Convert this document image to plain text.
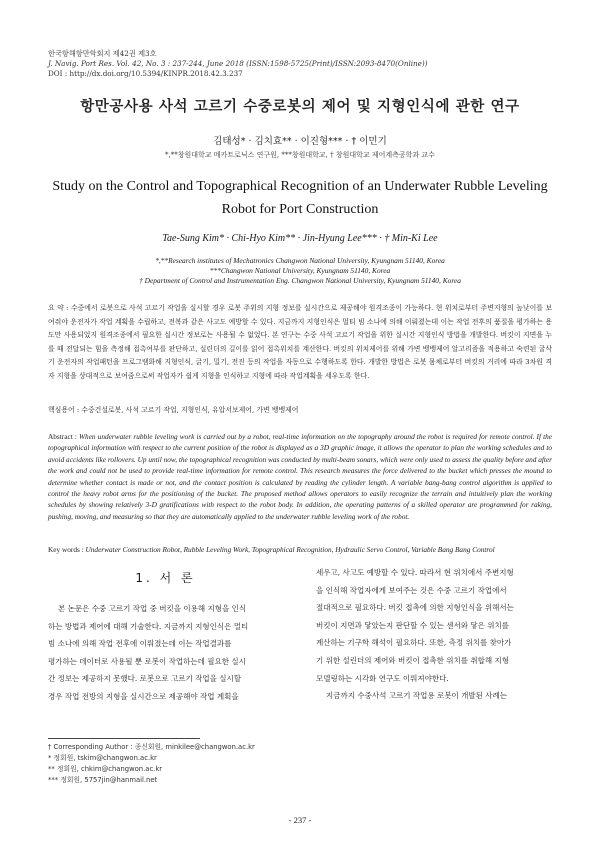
한국항해항만학회지 제42권 제3호
J. Navig. Port Res. Vol. 42, No. 3 : 237-244, June 2018 (ISSN:1598-5725(Print)/ISSN:2093-8470(Online))
DOI : http://dx.doi.org/10.5394/KINPR.2018.42.3.237
항만공사용 사석 고르기 수중로봇의 제어 및 지형인식에 관한 연구
김태성* · 김치효** · 이진형*** · † 이민기
*,**창원대학교 메카트로닉스 연구원, ***창원대학교, † 창원대학교 제어계측공학과 교수
Study on the Control and Topographical Recognition of an Underwater Rubble Leveling
Robot for Port Construction
Tae-Sung Kim* · Chi-Hyo Kim** · Jin-Hyung Lee*** · † Min-Ki Lee
*,**Research institutes of Mechatronics Changwon National University, Kyungnam 51140, Korea
***Changwon National University, Kyungnam 51140, Korea
† Department of Control and Instrumentation Eng. Changwon National University, Kyungnam 51140, Korea
요 약 : 수중에서 로봇으로 사석 고르기 작업을 실시할 경우 로봇 주위의 지형 정보를 실시간으로 제공해야 원격조종이 가능하다. 현 위치로부터 주변지형의 높낮이를 보여줘야 운전자가 작업 계획을 수립하고, 전복과 같은 사고도 예방할 수 있다. 지금까지 지형인식은 멀티 빔 소나에 의해 이뤄졌는데 이는 작업 전후의 품질을 평가하는 용도만 사용되었지 원격조종에서 필요한 실시간 정보로는 사용될 수 없었다. 본 연구는 수중 사석 고르기 작업을 위한 실시간 지형인식 방법을 개발한다. 버킷이 지면을 누를 때 전달되는 힘을 측정해 접촉여부를 판단하고, 실린더의 길이를 읽어 접촉위치를 계산한다. 버킷의 위치제어를 위해 가변 뱅뱅제어 알고리즘을 적용하고 숙련된 굴삭기 운전자의 작업패턴을 프로그램화해 지형인식, 긁기, 밀기, 전진 등의 작업을 자동으로 수행하도록 한다. 개발한 방법은 로봇 몸체로부터 버킷의 거리에 따라 3차원 격자 지형을 상대적으로 보여줌으로써 작업자가 쉽게 지형을 인식하고 지형에 따라 작업계획을 세우도록 한다.
핵심용어 : 수중건설로봇, 사석 고르기 작업, 지형인식, 유압서보제어, 가변 뱅뱅제어
Abstract : When underwater rubble leveling work is carried out by a robot, real-time information on the topography around the robot is required for remote control. If the topographical information with respect to the current position of the robot is displayed as a 3D graphic image, it allows the operator to plan the working schedules and to avoid accidents like rollovers. Up until now, the topographical recognition was conducted by multi-beam sonars, which were only used to assess the quality before and after the work and could not be used to provide real-time information for remote control. This research measures the force delivered to the bucket which presses the mound to determine whether contact is made or not, and the contact position is calculated by reading the cylinder length. A variable bang-bang control algorithm is applied to control the heavy robot arms for the positioning of the bucket. The proposed method allows operators to easily recognize the terrain and intuitively plan the working schedules by showing relatively 3-D gratifications with respect to the robot body. In addition, the operating patterns of a skilled operator are programmed for raking, pushing, moving, and measuring so that they are automatically applied to the underwater rubble leveling work of the robot.
Key words : Underwater Construction Robot, Rubble Leveling Work, Topographical Recognition, Hydraulic Servo Control, Variable Bang Bang Control
1. 서 론
본 논문은 수중 고르기 작업 중 버킷을 이용해 지형을 인식
하는 방법과 제어에 대해 기술한다. 지금까지 지형인식은 멀티
빔 소나에 의해 작업 전후에 이뤄졌는데 이는 작업결과를
평가하는 데이터로 사용될 뿐 로봇이 작업하는데 필요한 실시
간 정보는 제공하지 못했다. 로봇으로 고르기 작업을 실시할
경우 작업 전방의 지형을 실시간으로 제공해야 작업 계획을
세우고, 사고도 예방할 수 있다. 따라서 현 위치에서 주변지형
을 인식해 작업자에게 보여주는 것은 수중 고르기 작업에서
절대적으로 필요하다. 버킷 접촉에 의한 지형인식을 위해서는
버킷이 지면과 닿았는지 판단할 수 있는 센서와 닿은 위치를
계산하는 기구학 해석이 필요하다. 또한, 측정 위치를 찾아가
기 위한 설린더의 제어와 버킷이 접촉한 위치를 취합해 지형
모델링하는 시각화 연구도 이뤄져야한다.
지금까지 수중사석 고르기 작업용 로봇이 개발된 사례는
† Corresponding Author : 종신회원, minkilee@changwon.ac.kr
* 정회원, tskim@changwon.ac.kr
** 정회원, chkim@changwon.ac.kr
*** 정회원, 5757jin@hanmail.net
- 237 -
